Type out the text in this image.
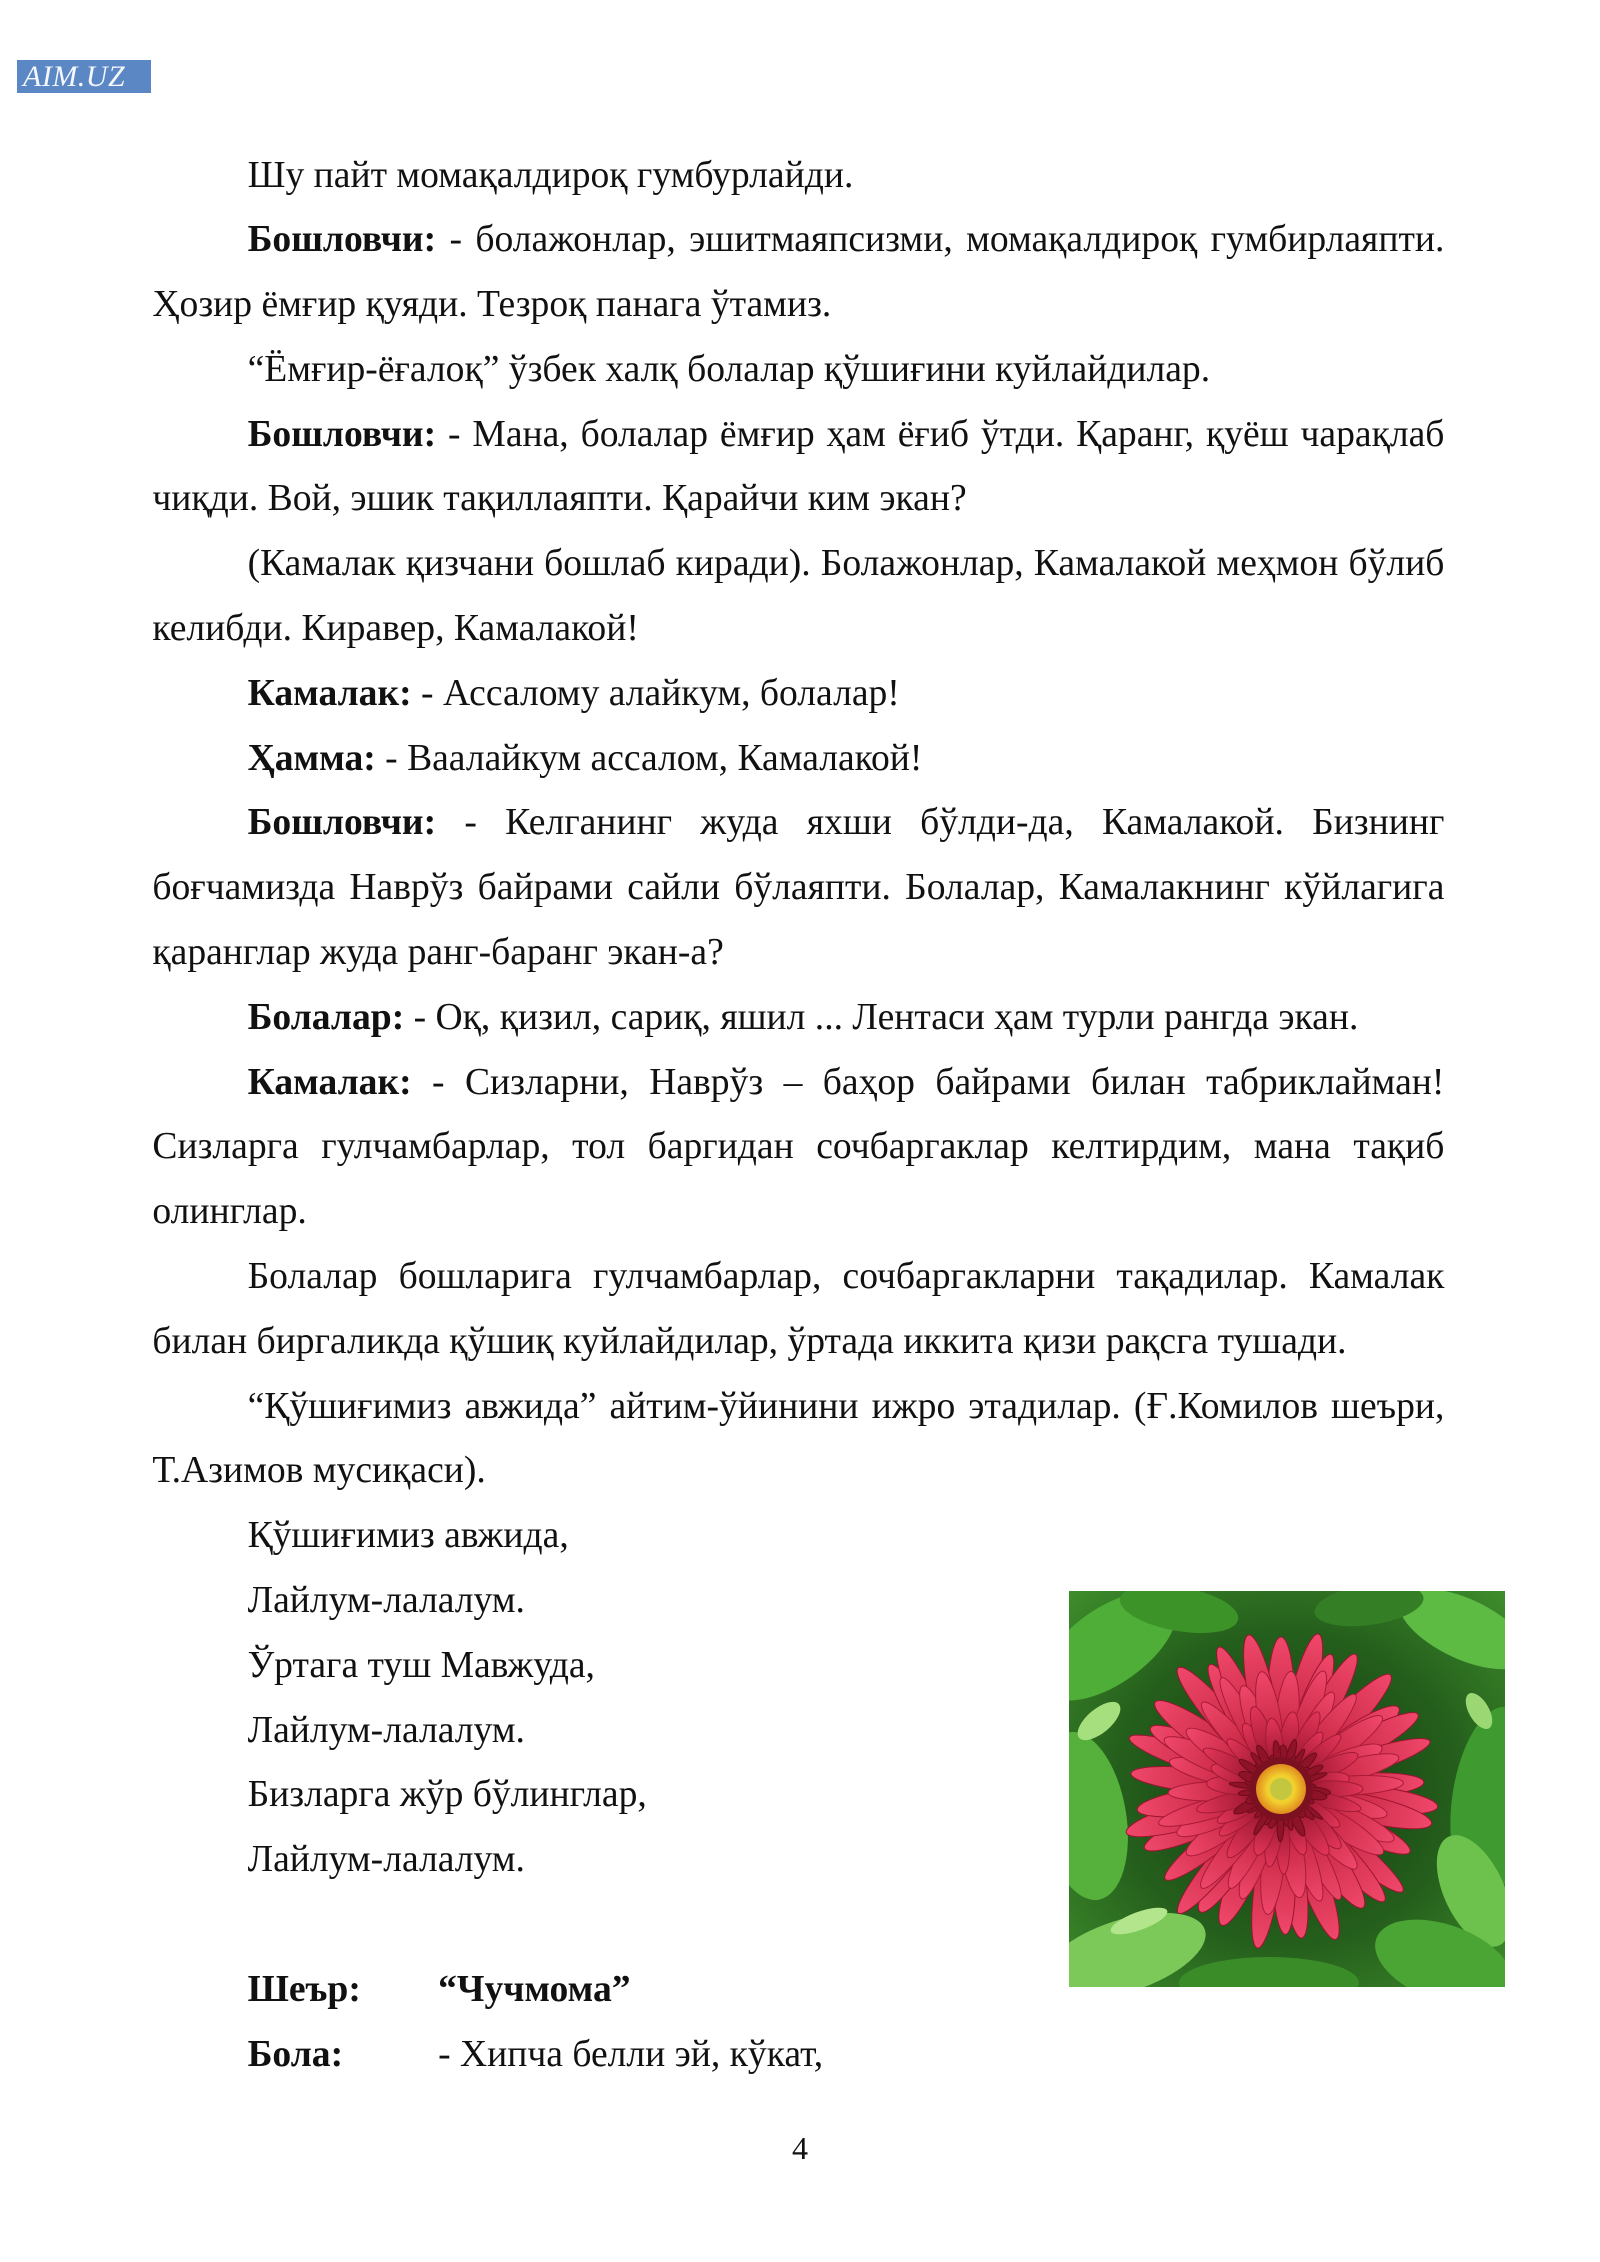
AIM.UZ
Шу пайт момақалдироқ гумбурлайди.
Бошловчи: - болажонлар, эшитмаяпсизми, момақалдироқ гумбирлаяпти.
Ҳозир ёмғир қуяди. Тезроқ панага ўтамиз.
“Ёмғир-ёғалоқ” ўзбек халқ болалар қўшиғини куйлайдилар.
Бошловчи: - Мана, болалар ёмғир ҳам ёғиб ўтди. Қаранг, қуёш чарақлаб
чиқди. Вой, эшик тақиллаяпти. Қарайчи ким экан?
(Камалак қизчани бошлаб киради). Болажонлар, Камалакой меҳмон бўлиб
келибди. Киравер, Камалакой!
Камалак: - Ассалому алайкум, болалар!
Ҳамма: - Ваалайкум ассалом, Камалакой!
Бошловчи: - Келганинг жуда яхши бўлди-да, Камалакой. Бизнинг
боғчамизда Наврўз байрами сайли бўлаяпти. Болалар, Камалакнинг кўйлагига
қаранглар жуда ранг-баранг экан-а?
Болалар: - Оқ, қизил, сариқ, яшил ... Лентаси ҳам турли рангда экан.
Камалак: - Сизларни, Наврўз – баҳор байрами билан табриклайман!
Сизларга гулчамбарлар, тол баргидан сочбаргаклар келтирдим, мана тақиб
олинглар.
Болалар бошларига гулчамбарлар, сочбаргакларни тақадилар. Камалак
билан биргаликда қўшиқ куйлайдилар, ўртада иккита қизи рақсга тушади.
“Қўшиғимиз авжида” айтим-ўйинини ижро этадилар. (Ғ.Комилов шеъри,
Т.Азимов мусиқаси).
Қўшиғимиз авжида,
Лайлум-лалалум.
Ўртага туш Мавжуда,
Лайлум-лалалум.
Бизларга жўр бўлинглар,
Лайлум-лалалум.
Шеър: “Чучмома”
Бола:	- Хипча белли эй, кўкат,
4
